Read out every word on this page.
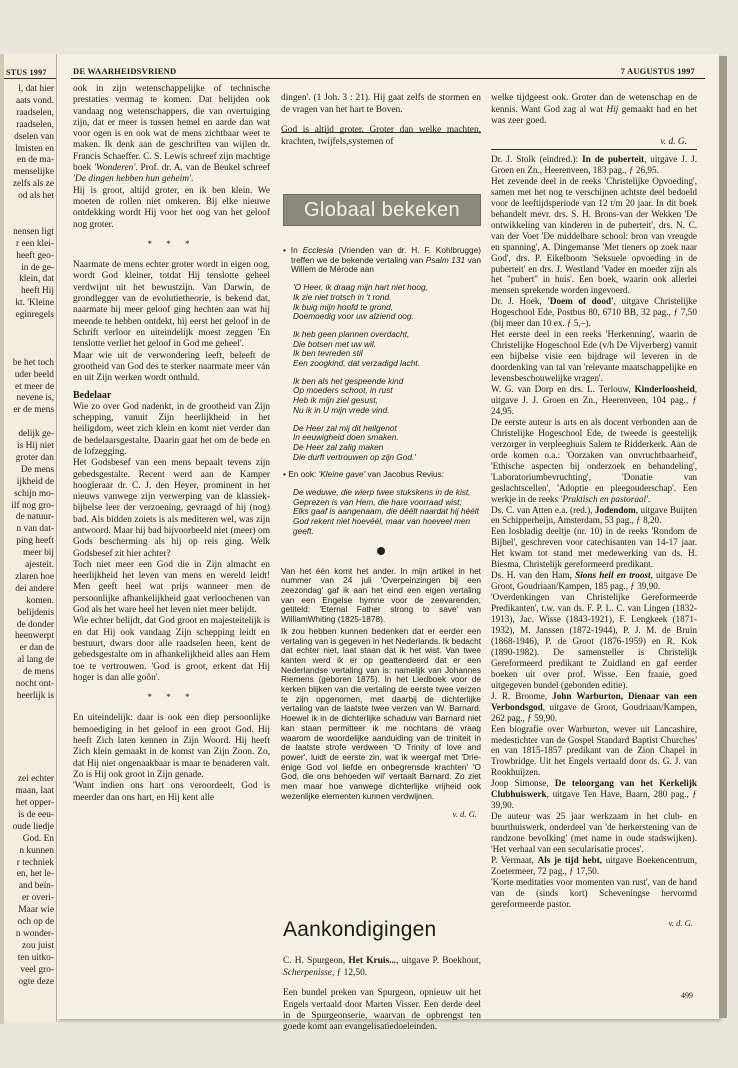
STUS 1997
l, dat hier
aats vond.
raadselen,
raadselen,
dselen van
lmisten en
en de ma-
menselijke
zelfs als ze
od als het
nensen ligt
r een klei-
heeft geo-
in de ge-
klein, dat
heeft Hij
kt. 'Kleine
eginregels
be het toch
uder beeld
et meer de
nevene is,
er de mens
delijk ge-
is Hij niet
groter dan
De mens
ijkheid de
schijn mo-
ilf nog gro-
de natuur-
n van dat-
ping heeft
meer bij
ajesteit.
zlaren hoe
dei andere
komen.
belijdenis
de donder
heenwerpt
er dan de
al lang de
de mens
nocht ont-
heerlijk is
zei echter
maan, laat
het opper-
is de eeu-
oude liedje
God. En
n kunnen
r techniek
en, het le-
and beïn-
er overi-
Maar wie
och op de
n wonder-
zou juist
ten uitko-
veel gro-
ogte deze
DE WAARHEIDSVRIEND	7 AUGUSTUS 1997

ook in zijn wetenschappelijke of technische prestaties vermag te komen. Dat belijden ook vandaag nog wetenschappers, die van overtuiging zijn, dat er meer is tussen hemel en aarde dan wat voor ogen is en ook wat de mens zichtbaar weet te maken. Ik denk aan de geschriften van wijlen dr. Francis Schaeffer. C. S. Lewis schreef zijn machtige boek 'Wonderen'. Prof. dr. A. van de Beukel schreef 'De dingen hebben hun geheim'.

Hij is groot, altijd groter, en ik ben klein. We moeten de rollen niet omkeren. Bij elke nieuwe ontdekking wordt Hij voor het oog van het geloof nog groter.

* * *

Naarmate de mens echter groter wordt in eigen oog, wordt God kleiner, totdat Hij tenslotte geheel verdwijnt uit het bewustzijn. Van Darwin, de grondlegger van de evolutietheorie, is bekend dat, naarmate hij meer geloof ging hechten aan wat hij meende te hebben ontdekt, hij eerst het geloof in de Schrift verloor en uiteindelijk moest zeggen 'En tenslotte verliet het geloof in God me geheel'.

Maar wie uit de verwondering leeft, beleeft de grootheid van God des te sterker naarmate meer ván en uit Zijn werken wordt onthuld.

Bedelaar

Wie zo over God nadenkt, in de grootheid van Zijn schepping, vanuit Zijn heerlijkheid in het heiligdom, weet zich klein en komt niet verder dan de bedelaarsgestalte. Daarin gaat het om de bede en de lofzegging.

Het Godsbesef van een mens bepaalt tevens zijn gebedsgestalte. Recent werd aan de Kamper hoogleraar dr. C. J. den Heyer, prominent in het nieuws vanwege zijn verwerping van de klassiek-bijbelse leer der verzoening, gevraagd of hij (nog) bad. Als bidden zoiets is als mediteren wel, was zijn antwoord. Maar hij bad bijvoorbeeld niet (meer) om Gods bescherming als hij op reis ging. Welk Godsbesef zit hier achter?

Toch niet meer een God die in Zijn almacht en heerlijkheid het leven van mens en wereld leidt! Men geeft heel wat prijs wanneer men de persoonlijke afhankelijkheid gaat verloochenen van God als het ware heel het leven niet meer belijdt.

Wie echter belijdt, dat God groot en majesteitelijk is en dat Hij ook vandaag Zijn schepping leidt en bestuurt, dwars door alle raadselen heen, kent de gebedsgestalte om in afhankelijkheid alles aan Hem toe te vertrouwen. 'God is groot, erkent dat Hij hoger is dan alle goôn'.

* * *

En uiteindelijk: daar is ook een diep persoonlijke bemoediging in het geloof in een groot God. Hij heeft Zich laten kennen in Zijn Woord. Hij heeft Zich klein gemaakt in de komst van Zijn Zoon. Zo, dat Hij niet ongenaakbaar is maar te benaderen valt. Zo is Hij ook groot in Zijn genade.

'Want indien ons hart ons veroordeelt, God is meerder dan ons hart, en Hij kent alle

dingen'. (1 Joh. 3 : 21). Hij gaat zelfs de stormen en de vragen van het hart te Boven.

God is altijd groter. Groter dan welke machten, krachten, twijfels,systemen of

welke tijdgeest ook. Groter dan de wetenschap en de kennis. Want God zag al wat Hij gemaakt had en het was zeer goed.

v. d. G.
Globaal bekeken

• In Ecclesia (Vrienden van dr. H. F. Kohlbrugge) treffen we de bekende vertaling van Psalm 131 van Willem de Mérode aan

'O Heer, ik draag mijn hart niet hoog,
Ik zie niet trotsch in 't rond.
Ik buig mijn hoofd te grond,
Doemoedig voor uw alziend oog.
Ik heb geen plannen overdacht,
Die botsen met uw wil.
Ik ben tevreden stil
Een zoogkind, dat verzadigd lacht.
Ik ben als het gespeende kind
Op moeders schoot, in rust
Heb ik mijn ziel gesust,
Nu ik in U mijn vrede vind.
De Heer zal mij dit heilgenot
In eeuwigheid doen smaken.
De Heer zal zalig maken
Die durft vertrouwen op zijn God.'

• En ook: 'Kleine gave' van Jacobus Revius:

De weduwe, die wierp twee stukskens in de kist,
Geprezen is van Hem, die hare voorraad wist;
Elks gaaf is aangenaam, die déélt naardat hij héélt
God rekent niet hoevéél, maar van hoeveel men geeft.

Van het één komt het ander. In mijn artikel in het nummer van 24 juli 'Overpeinzingen bij een zeezondag' gaf ik aan het eind een eigen vertaling van een Engelse hymne voor de zeevarenden, getiteld: 'Eternal Father strong to save' van WilliamWhiting (1825-1878).

Ik zou hebben kunnen bedenken dat er eerder een vertaling van is gegeven in het Nederlands. Ik bedacht dat echter niet, laat staan dat ik het wist. Van twee kanten werd ik er op geattendeerd dat er een Nederlandse vertaling van is: namelijk van Johannes Riemens (geboren 1875). In het Liedboek voor de kerken blijken van die vertaling de eerste twee verzen te zijn opgenomen, met daarbij de dichterlijke vertaling van de laatste twee verzen van W. Barnard. Hoewel ik in de dichterlijke schaduw van Barnard niet kan staan permitteer ik me nochtans de vraag waarom de woordelijke aanduiding van de triniteit in de laatste strofe verdween 'O Trinity of love and power', luidt de eerste zin, wat ik weergaf met 'Drie-énige God vol liefde en onbegrensde krachten' 'O God, die ons behoeden wil' vertaalt Barnard. Zo ziet men maar hoe vanwege dichterlijke vrijheid ook wezenlijke elementen kunnen verdwijnen.

v. d. G.
Aankondigingen

C. H. Spurgeon, Het Kruis..., uitgave P. Boekhout, Scherpenisse, ƒ 12,50.

Een bundel preken van Spurgeon, opnieuw uit het Engels vertaald door Marten Visser. Een derde deel in de Spurgeonserie, waarvan de opbrengst ten goede komt aan evangelisatiedoeleinden.

Dr. J. Stolk (eindred.): In de puberteit, uitgave J. J. Groen en Zn., Heerenveen, 183 pag., ƒ 26,95.

Het zevende deel in de reeks 'Christelijke Opvoeding', samen met het nog te verschijnen achtste deel bedoeld voor de leeftijdsperiode van 12 t/m 20 jaar. In dit boek behandelt mevr. drs. S. H. Brons-van der Wekken 'De ontwikkeling van kinderen in de puberteit', drs. N. C. van der Voet 'De middelbare school: bron van vreugde en spanning', A. Dingemanse 'Met tieners op zoek naar God', drs. P. Eikelboom 'Seksuele opvoeding in de puberteit' en drs. J. Westland 'Vader en moeder zijn als het "pubert" in huis'. Een boek, waarin ook allerlei mensen sprekende worden ingevoerd.

Dr. J. Hoek, 'Doem of dood', uitgave Christelijke Hogeschool Ede, Postbus 80, 6710 BB, 32 pag., ƒ 7,50 (bij meer dan 10 ex. ƒ 5,–).

Het eerste deel in een reeks 'Herkenning', waarin de Christelijke Hogeschool Ede (v/h De Vijverberg) vanuit een bijbelse visie een bijdrage wil leveren in de doordenking van tal van 'relevante maatschappelijke en levensbeschouwelijke vragen'.

W. G. van Dorp en drs. L. Terlouw, Kinderloosheid, uitgave J. J. Groen en Zn., Heerenveen, 104 pag., ƒ 24,95.

De eerste auteur is arts en als docent verbonden aan de Christelijke Hogeschool Ede, de tweede is geestelijk verzorger in verpleeghuis Salem te Ridderkerk. Aan de orde komen o.a.: 'Oorzaken van onvruchtbaarheid', 'Ethische aspecten bij onderzoek en behandeling', 'Laboratoriumbevruchting', 'Donatie van geslachtscellen', 'Adoptie en pleegouderschap'. Een werkje in de reeks 'Praktisch en pastoraal'.

Ds. C. van Atten e.a. (red.), Jodendom, uitgave Buijten en Schipperheijn, Amsterdam, 53 pag., ƒ 8,20.

Een losbladig deeltje (nr. 10) in de reeks 'Rondom de Bijbel', geschreven voor catechisanten van 14-17 jaar. Het kwam tot stand met medewerking van ds. H. Biesma, Christelijk gereformeerd predikant.

Ds. H. van den Ham, Sions heil en troost, uitgave De Groot, Goudriaan/Kampen, 185 pag., ƒ 39,90.

'Overdenkingen van Christelijke Gereformeerde Predikanten', t.w. van ds. F. P. L. C. van Lingen (1832-1913), Jac. Wisse (1843-1921), F. Lengkeek (1871-1932), M. Janssen (1872-1944), P. J. M. de Bruin (1868-1946), P. de Groot (1876-1959) en R. Kok (1890-1982). De samensteller is Christelijk Gereformeerd predikant te Zuidland en gaf eerder boeken uit over prof. Wisse. Een fraaie, goed uitgegeven bundel (gebonden editie).

J. R. Broome, John Warburton, Dienaar van een Verbondsgod, uitgave de Groot, Goudriaan/Kampen, 262 pag., ƒ 59,90.

Een biografie over Warburton, wever uit Lancashire, medestichter van de Gospel Standard Baptist Churches' en van 1815-1857 predikant van de Zion Chapel in Trowbridge. Uit het Engels vertaald door ds. G. J. van Rookhuijzen.

Joop Simonse, De teloorgang van het Kerkelijk Clubhuiswerk, uitgave Ten Have, Baarn, 280 pag., ƒ 39,90.

De auteur was 25 jaar werkzaam in het club- en buurthuiswerk, onderdeel van 'de herkerstening van de randzone bevolking' (met name in oude stadswijken). 'Het verhaal van een secularisatie proces'.

P. Vermaat, Als je tijd hebt, uitgave Boekencentrum, Zoetermeer, 72 pag., ƒ 17,50.

'Korte meditaties voor momenten van rust', van de hand van de (sinds kort) Scheveningse hervormd gereformeerde pastor.

v. d. G.
499
